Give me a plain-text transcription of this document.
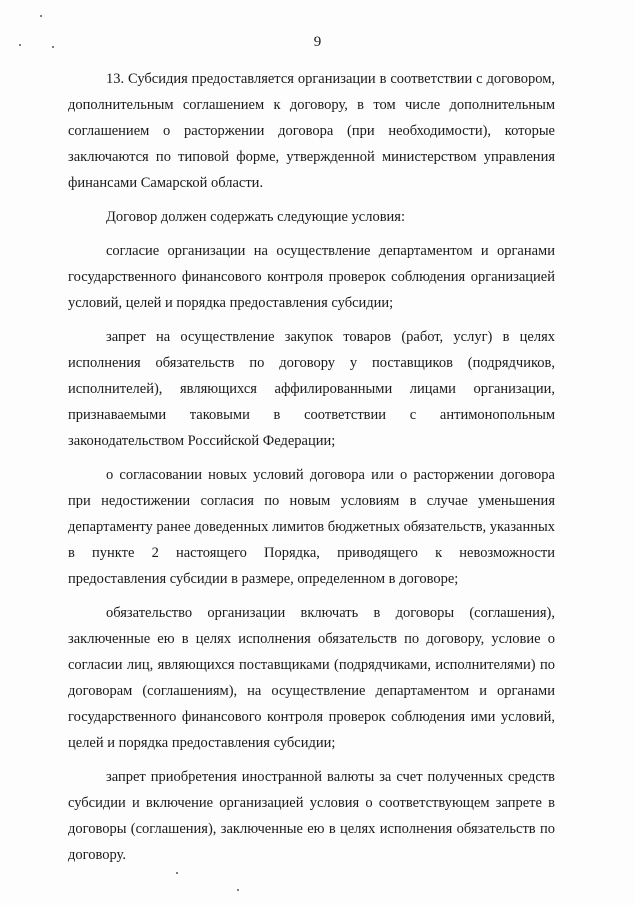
9

13. Субсидия предоставляется организации в соответствии с договором, дополнительным соглашением к договору, в том числе дополнительным соглашением о расторжении договора (при необходимости), которые заключаются по типовой форме, утвержденной министерством управления финансами Самарской области.

Договор должен содержать следующие условия:

согласие организации на осуществление департаментом и органами государственного финансового контроля проверок соблюдения организацией условий, целей и порядка предоставления субсидии;

запрет на осуществление закупок товаров (работ, услуг) в целях исполнения обязательств по договору у поставщиков (подрядчиков, исполнителей), являющихся аффилированными лицами организации, признаваемыми таковыми в соответствии с антимонопольным законодательством Российской Федерации;

о согласовании новых условий договора или о расторжении договора при недостижении согласия по новым условиям в случае уменьшения департаменту ранее доведенных лимитов бюджетных обязательств, указанных в пункте 2 настоящего Порядка, приводящего к невозможности предоставления субсидии в размере, определенном в договоре;

обязательство организации включать в договоры (соглашения), заключенные ею в целях исполнения обязательств по договору, условие о согласии лиц, являющихся поставщиками (подрядчиками, исполнителями) по договорам (соглашениям), на осуществление департаментом и органами государственного финансового контроля проверок соблюдения ими условий, целей и порядка предоставления субсидии;

запрет приобретения иностранной валюты за счет полученных средств субсидии и включение организацией условия о соответствующем запрете в договоры (соглашения), заключенные ею в целях исполнения обязательств по договору.
